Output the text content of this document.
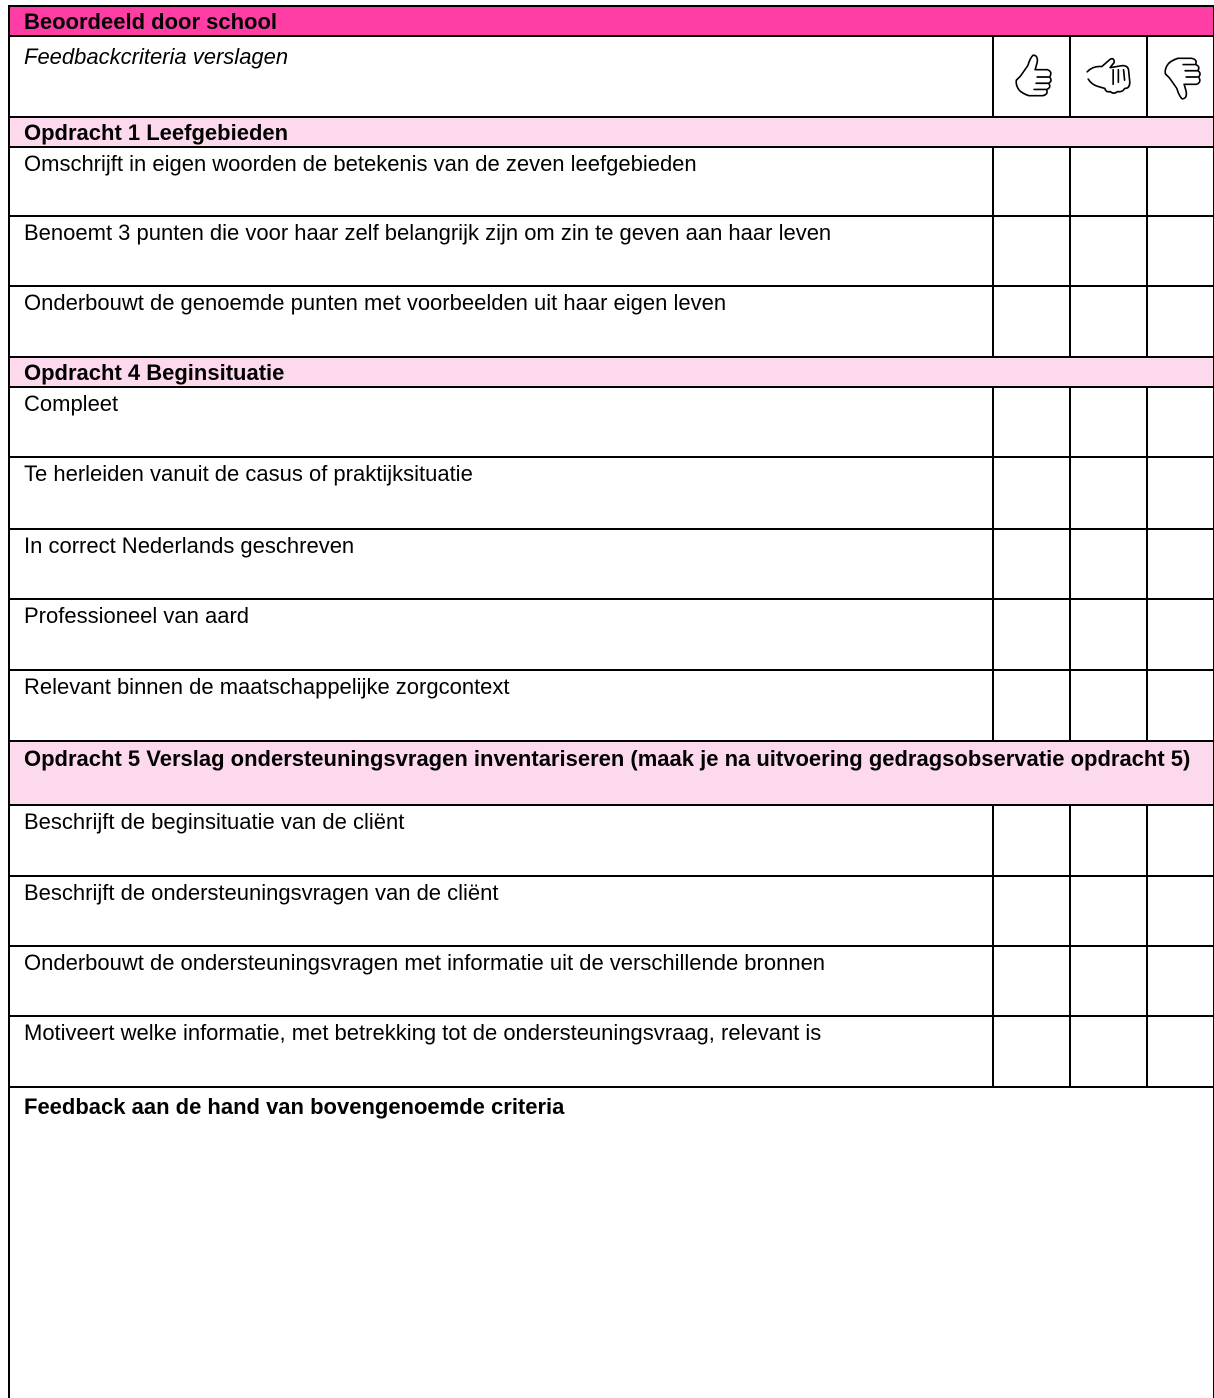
Beoordeeld door school
Feedbackcriteria verslagen
Opdracht 1 Leefgebieden
Omschrijft in eigen woorden de betekenis van de zeven leefgebieden
Benoemt 3 punten die voor haar zelf belangrijk zijn om zin te geven aan haar leven
Onderbouwt de genoemde punten met voorbeelden uit haar eigen leven
Opdracht 4 Beginsituatie
Compleet
Te herleiden vanuit de casus of praktijksituatie
In correct Nederlands geschreven
Professioneel van aard
Relevant binnen de maatschappelijke zorgcontext
Opdracht 5 Verslag ondersteuningsvragen inventariseren (maak je na uitvoering gedragsobservatie opdracht 5)
Beschrijft de beginsituatie van de cliënt
Beschrijft de ondersteuningsvragen van de cliënt
Onderbouwt de ondersteuningsvragen met informatie uit de verschillende bronnen
Motiveert welke informatie, met betrekking tot de ondersteuningsvraag, relevant is
Feedback aan de hand van bovengenoemde criteria
